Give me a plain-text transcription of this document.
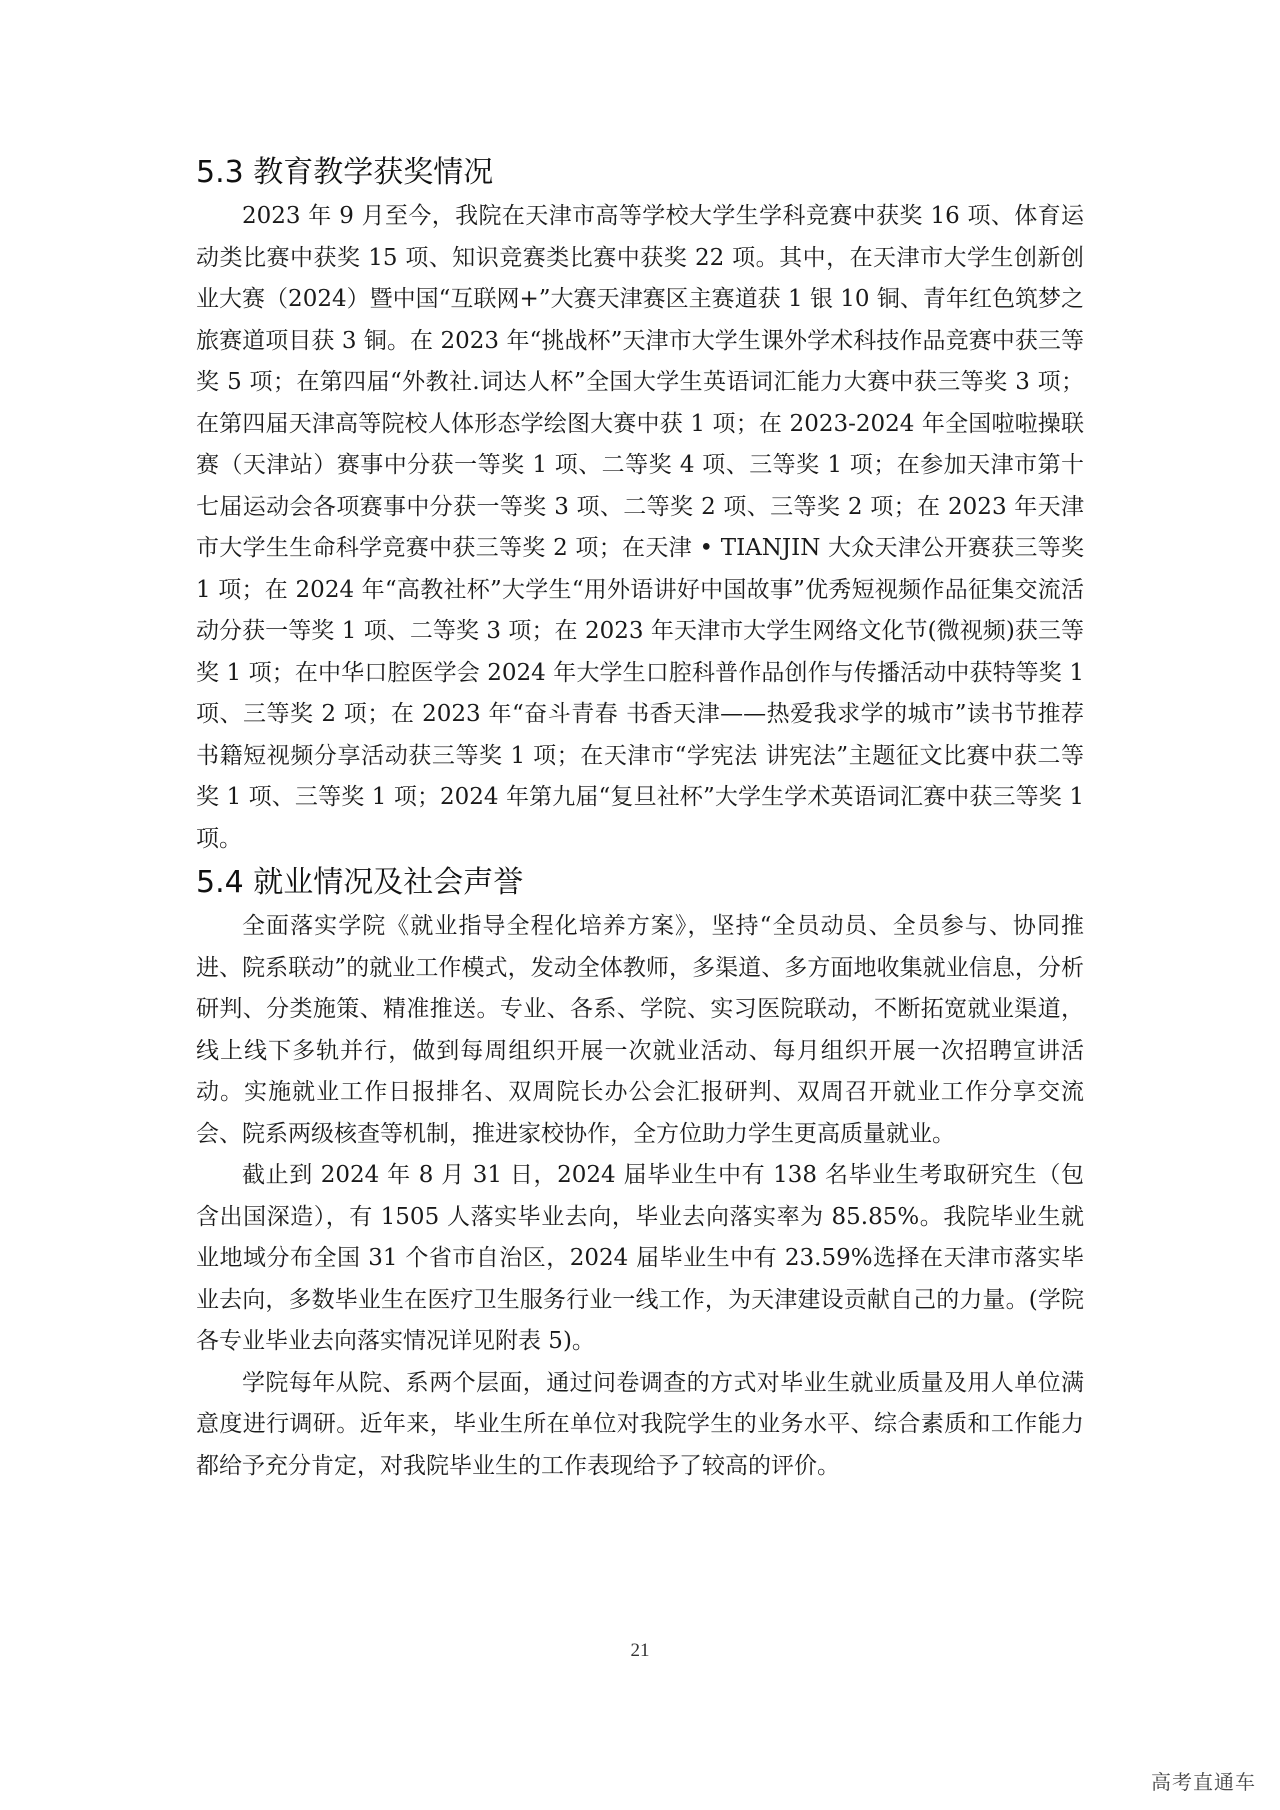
5.3 教育教学获奖情况

2023 年 9 月至今，我院在天津市高等学校大学生学科竞赛中获奖 16 项、体育运动类比赛中获奖 15 项、知识竞赛类比赛中获奖 22 项。其中，在天津市大学生创新创业大赛（2024）暨中国“互联网+”大赛天津赛区主赛道获 1 银 10 铜、青年红色筑梦之旅赛道项目获 3 铜。在 2023 年“挑战杯”天津市大学生课外学术科技作品竞赛中获三等奖 5 项；在第四届“外教社.词达人杯”全国大学生英语词汇能力大赛中获三等奖 3 项；在第四届天津高等院校人体形态学绘图大赛中获 1 项；在 2023-2024 年全国啦啦操联赛（天津站）赛事中分获一等奖 1 项、二等奖 4 项、三等奖 1 项；在参加天津市第十七届运动会各项赛事中分获一等奖 3 项、二等奖 2 项、三等奖 2 项；在 2023 年天津市大学生生命科学竞赛中获三等奖 2 项；在天津 • TIANJIN 大众天津公开赛获三等奖 1 项；在 2024 年“高教社杯”大学生“用外语讲好中国故事”优秀短视频作品征集交流活动分获一等奖 1 项、二等奖 3 项；在 2023 年天津市大学生网络文化节(微视频)获三等奖 1 项；在中华口腔医学会 2024 年大学生口腔科普作品创作与传播活动中获特等奖 1 项、三等奖 2 项；在 2023 年“奋斗青春 书香天津——热爱我求学的城市”读书节推荐书籍短视频分享活动获三等奖 1 项；在天津市“学宪法 讲宪法”主题征文比赛中获二等奖 1 项、三等奖 1 项；2024 年第九届“复旦社杯”大学生学术英语词汇赛中获三等奖 1 项。

5.4 就业情况及社会声誉

全面落实学院《就业指导全程化培养方案》，坚持“全员动员、全员参与、协同推进、院系联动”的就业工作模式，发动全体教师，多渠道、多方面地收集就业信息，分析研判、分类施策、精准推送。专业、各系、学院、实习医院联动，不断拓宽就业渠道，线上线下多轨并行，做到每周组织开展一次就业活动、每月组织开展一次招聘宣讲活动。实施就业工作日报排名、双周院长办公会汇报研判、双周召开就业工作分享交流会、院系两级核查等机制，推进家校协作，全方位助力学生更高质量就业。

截止到 2024 年 8 月 31 日，2024 届毕业生中有 138 名毕业生考取研究生（包含出国深造），有 1505 人落实毕业去向，毕业去向落实率为 85.85%。我院毕业生就业地域分布全国 31 个省市自治区，2024 届毕业生中有 23.59%选择在天津市落实毕业去向，多数毕业生在医疗卫生服务行业一线工作，为天津建设贡献自己的力量。(学院各专业毕业去向落实情况详见附表 5)。

学院每年从院、系两个层面，通过问卷调查的方式对毕业生就业质量及用人单位满意度进行调研。近年来，毕业生所在单位对我院学生的业务水平、综合素质和工作能力都给予充分肯定，对我院毕业生的工作表现给予了较高的评价。

21
高考直通车
